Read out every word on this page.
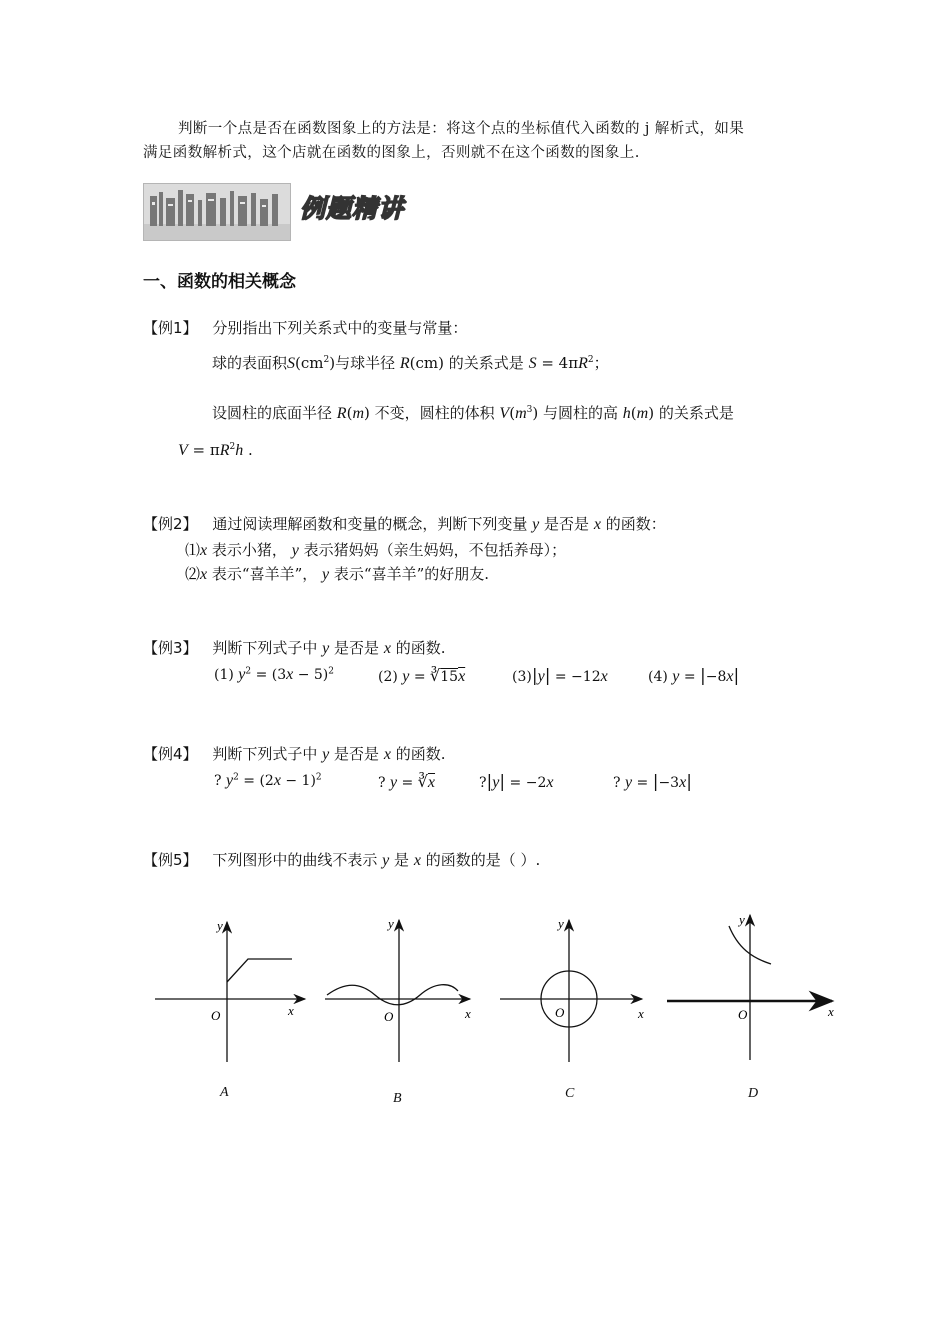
判断一个点是否在函数图象上的方法是：将这个点的坐标值代入函数的 j 解析式，如果
满足函数解析式，这个店就在函数的图象上，否则就不在这个函数的图象上.
例题精讲
一、函数的相关概念
【例1】 分别指出下列关系式中的变量与常量：
球的表面积$S(cm^2)$与球半径 R(cm) 的关系式是 $S = 4\pi R^2$；
设圆柱的底面半径 R(m) 不变，圆柱的体积 $V(m^3)$ 与圆柱的高 h(m) 的关系式是
$V = \pi R^2h$ .
【例2】 通过阅读理解函数和变量的概念，判断下列变量 y 是否是 x 的函数：
⑴x 表示小猪， y 表示猪妈妈（亲生妈妈，不包括养母）；
⑵x 表示“喜羊羊”， y 表示“喜羊羊”的好朋友.
【例3】 判断下列式子中 y 是否是 x 的函数.
(1) $y^2 = (3x - 5)^2$	(2) y = ∛15x	(3)|y| = −12x	(4) y = |−8x|
【例4】 判断下列式子中 y 是否是 x 的函数.
? $y^2 = (2x - 1)^2$	? $y = ∛\overline{x}$	?|y| = −2x	? y = |−3x|
【例5】 下列图形中的曲线不表示 y 是 x 的函数的是（ ）.
y
x
O
y
x
O
y
x
O
y
x
O
A	B	C	D
